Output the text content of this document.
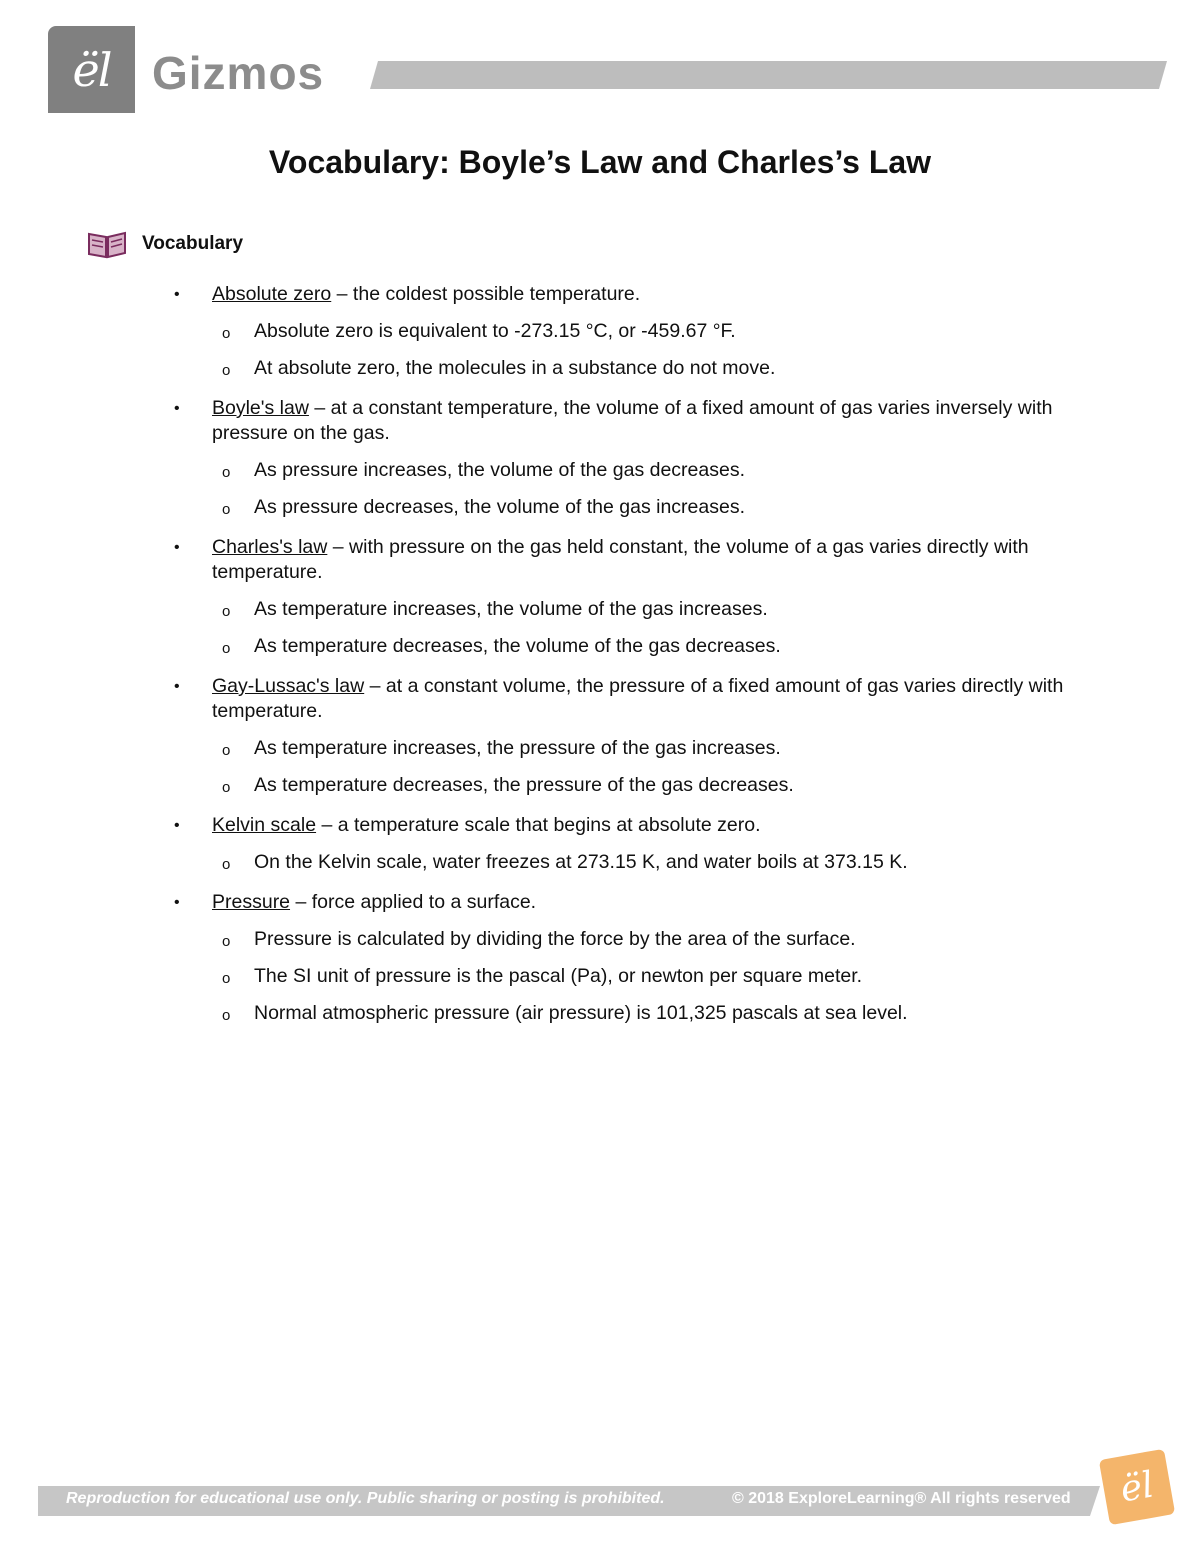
ël Gizmos
Vocabulary: Boyle’s Law and Charles’s Law
Vocabulary
• Absolute zero – the coldest possible temperature.
o Absolute zero is equivalent to -273.15 °C, or -459.67 °F.
o At absolute zero, the molecules in a substance do not move.
• Boyle's law – at a constant temperature, the volume of a fixed amount of gas varies inversely with pressure on the gas.
o As pressure increases, the volume of the gas decreases.
o As pressure decreases, the volume of the gas increases.
• Charles's law – with pressure on the gas held constant, the volume of a gas varies directly with temperature.
o As temperature increases, the volume of the gas increases.
o As temperature decreases, the volume of the gas decreases.
• Gay-Lussac's law – at a constant volume, the pressure of a fixed amount of gas varies directly with temperature.
o As temperature increases, the pressure of the gas increases.
o As temperature decreases, the pressure of the gas decreases.
• Kelvin scale – a temperature scale that begins at absolute zero.
o On the Kelvin scale, water freezes at 273.15 K, and water boils at 373.15 K.
• Pressure – force applied to a surface.
o Pressure is calculated by dividing the force by the area of the surface.
o The SI unit of pressure is the pascal (Pa), or newton per square meter.
o Normal atmospheric pressure (air pressure) is 101,325 pascals at sea level.
Reproduction for educational use only. Public sharing or posting is prohibited.	© 2018 ExploreLearning® All rights reserved	ël
